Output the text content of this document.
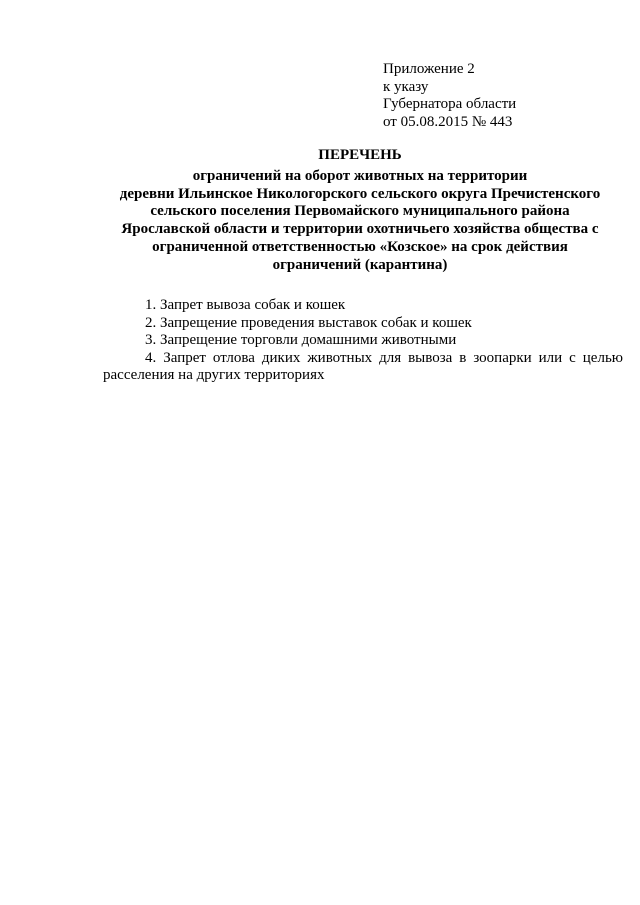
Приложение 2
к указу
Губернатора области
от 05.08.2015 № 443
ПЕРЕЧЕНЬ
ограничений на оборот животных на территории
деревни Ильинское Никологорского сельского округа Пречистенского
сельского поселения Первомайского муниципального района
Ярославской области и территории охотничьего хозяйства общества с
ограниченной ответственностью «Козское» на срок действия
ограничений (карантина)
1. Запрет вывоза собак и кошек
2. Запрещение проведения выставок собак и кошек
3. Запрещение торговли домашними животными
4. Запрет отлова диких животных для вывоза в зоопарки или с целью расселения на других территориях
